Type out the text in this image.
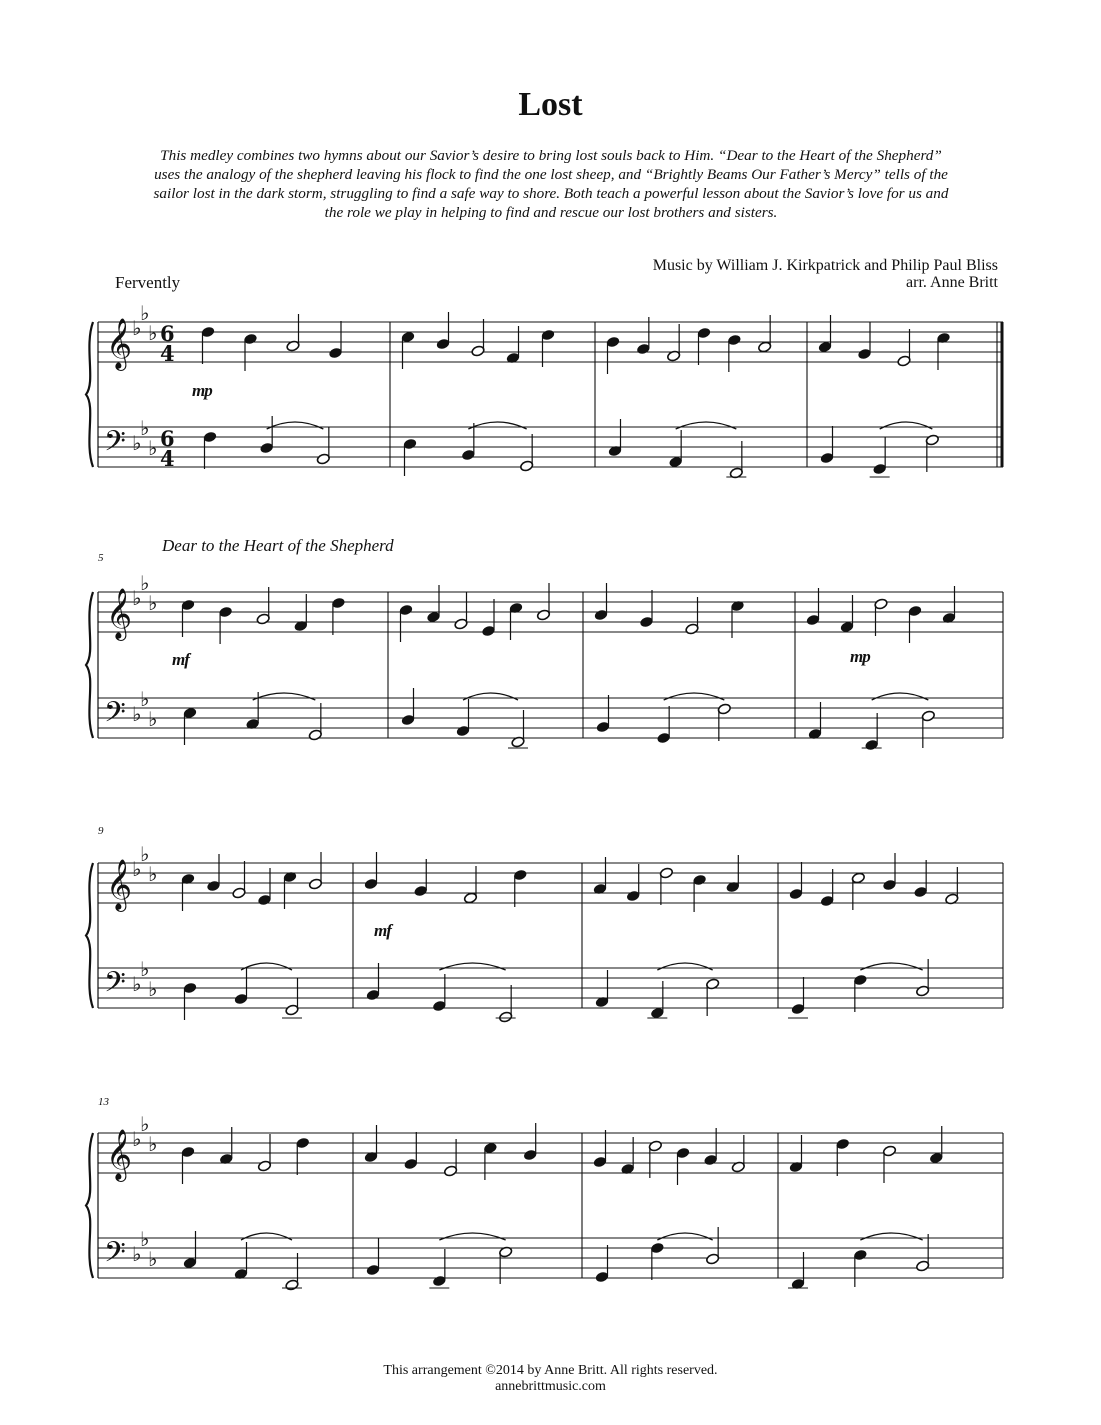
Lost

This medley combines two hymns about our Savior’s desire to bring lost souls back to Him. “Dear to the Heart of the Shepherd” uses the analogy of the shepherd leaving his flock to find the one lost sheep, and “Brightly Beams Our Father’s Mercy” tells of the sailor lost in the dark storm, struggling to find a safe way to shore. Both teach a powerful lesson about the Savior’s love for us and the role we play in helping to find and rescue our lost brothers and sisters.

Music by William J. Kirkpatrick and Philip Paul Bliss
arr. Anne Britt
Fervently
Dear to the Heart of the Shepherd
5
9
13
mp
mf	mp
mf
𝄞 ♭
♭
♭
𝄢 ♭
♭
♭
6
4
6
4
𝄞 ♭
♭
♭
𝄢 ♭
♭
♭
𝄞 ♭
♭
♭
𝄢 ♭
♭
♭
𝄞 ♭
♭
♭
𝄢 ♭
♭
♭
This arrangement ©2014 by Anne Britt. All rights reserved.
annebrittmusic.com
